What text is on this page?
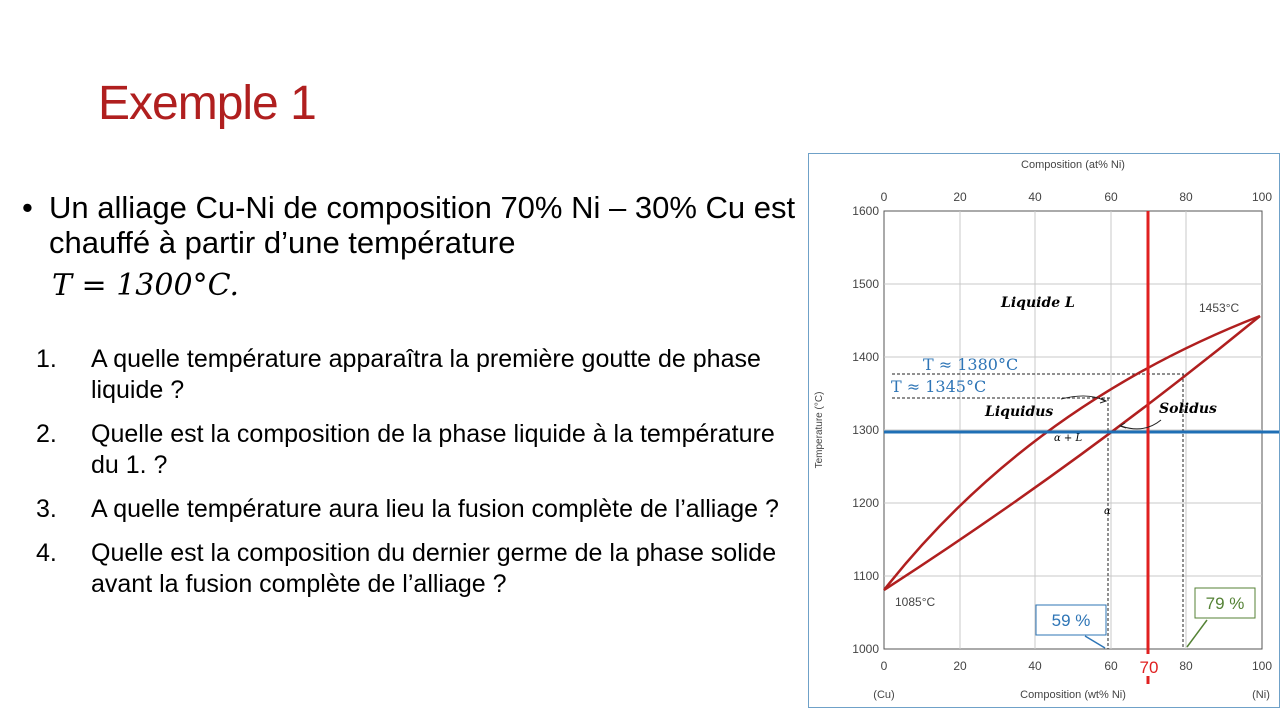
Exemple 1
• Un alliage Cu-Ni de composition 70% Ni – 30% Cu est chauffé à partir d’une température
T = 1300°C.
1. A quelle température apparaîtra la première goutte de phase liquide ?
2. Quelle est la composition de la phase liquide à la température du 1. ?
3. A quelle température aura lieu la fusion complète de l’alliage ?
4. Quelle est la composition du dernier germe de la phase solide avant la fusion complète de l’alliage ?
Composition (at% Ni)
Composition (wt% Ni)
(Cu)	(Ni)
Temperature (°C)
0	20	40	60	80	100
0	20	40	60	80	100
1000
1100
1200
1300
1400
1500
1600
Liquide L
Liquidus	Solidus
α + L
α
1453°C
1085°C
T ≈ 1380°C
T ≈ 1345°C
59 %
79 %
70
